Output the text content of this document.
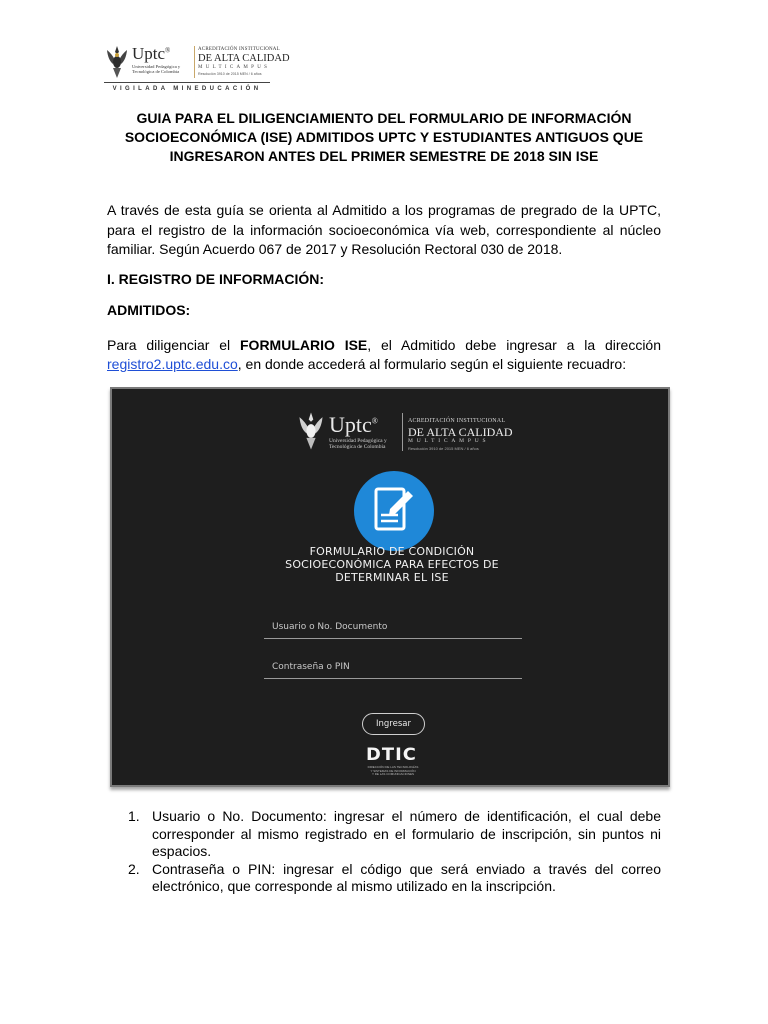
Uptc®
Universidad Pedagógica y
Tecnológica de Colombia
ACREDITACIÓN INSTITUCIONAL
DE ALTA CALIDAD
MULTICAMPUS
Resolución 3910 de 2015 MEN / 6 años
VIGILADA MINEDUCACIÓN
GUIA PARA EL DILIGENCIAMIENTO DEL FORMULARIO DE INFORMACIÓN
SOCIOECONÓMICA (ISE) ADMITIDOS UPTC Y ESTUDIANTES ANTIGUOS QUE
INGRESARON ANTES DEL PRIMER SEMESTRE DE 2018 SIN ISE
A través de esta guía se orienta al Admitido a los programas de pregrado de la UPTC, para el registro de la información socioeconómica vía web, correspondiente al núcleo familiar. Según Acuerdo 067 de 2017 y Resolución Rectoral 030 de 2018.
I. REGISTRO DE INFORMACIÓN:
ADMITIDOS:
Para diligenciar el FORMULARIO ISE, el Admitido debe ingresar a la dirección registro2.uptc.edu.co, en donde accederá al formulario según el siguiente recuadro:
Uptc®
Universidad Pedagógica y
Tecnológica de Colombia
ACREDITACIÓN INSTITUCIONAL
DE ALTA CALIDAD
MULTICAMPUS
Resolución 3910 de 2015 MEN / 6 años
FORMULARIO DE CONDICIÓN
SOCIOECONÓMICA PARA EFECTOS DE
DETERMINAR EL ISE
Usuario o No. Documento
Contraseña o PIN
Ingresar
DTIC
DIRECCIÓN DE LAS TECNOLOGÍAS
Y SISTEMAS DE INFORMACIÓN
Y DE LAS COMUNICACIONES
1. Usuario o No. Documento: ingresar el número de identificación, el cual debe corresponder al mismo registrado en el formulario de inscripción, sin puntos ni espacios.
2. Contraseña o PIN: ingresar el código que será enviado a través del correo electrónico, que corresponde al mismo utilizado en la inscripción.
